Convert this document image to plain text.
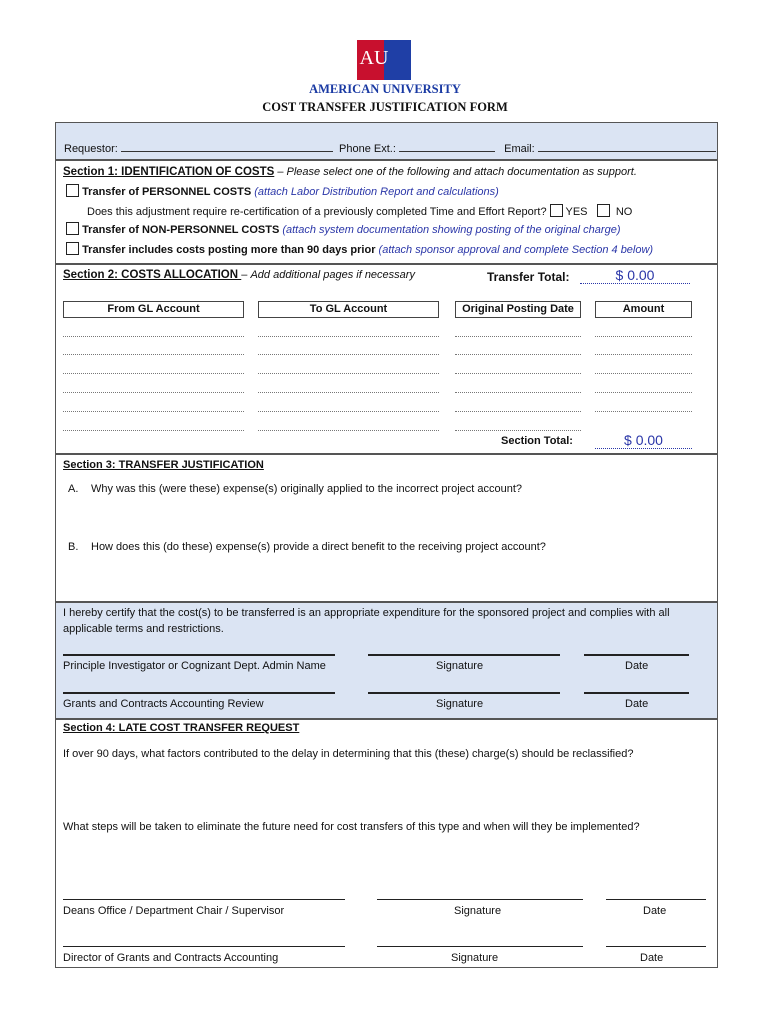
AU
AMERICAN UNIVERSITY
COST TRANSFER JUSTIFICATION FORM
Requestor:	Phone Ext.:	Email:
Section 1: IDENTIFICATION OF COSTS – Please select one of the following and attach documentation as support.
Transfer of PERSONNEL COSTS (attach Labor Distribution Report and calculations)
Does this adjustment require re-certification of a previously completed Time and Effort Report? YES	NO
Transfer of NON-PERSONNEL COSTS (attach system documentation showing posting of the original charge)
Transfer includes costs posting more than 90 days prior (attach sponsor approval and complete Section 4 below)
Section 2: COSTS ALLOCATION – Add additional pages if necessary	Transfer Total:	$ 0.00
From GL Account	To GL Account	Original Posting Date	Amount
Section Total:	$ 0.00
Section 3: TRANSFER JUSTIFICATION
A. Why was this (were these) expense(s) originally applied to the incorrect project account?
B. How does this (do these) expense(s) provide a direct benefit to the receiving project account?
I hereby certify that the cost(s) to be transferred is an appropriate expenditure for the sponsored project and complies with all applicable terms and restrictions.
Principle Investigator or Cognizant Dept. Admin Name	Signature	Date
Grants and Contracts Accounting Review	Signature	Date
Section 4: LATE COST TRANSFER REQUEST
If over 90 days, what factors contributed to the delay in determining that this (these) charge(s) should be reclassified?
What steps will be taken to eliminate the future need for cost transfers of this type and when will they be implemented?
Deans Office / Department Chair / Supervisor	Signature	Date
Director of Grants and Contracts Accounting	Signature	Date
